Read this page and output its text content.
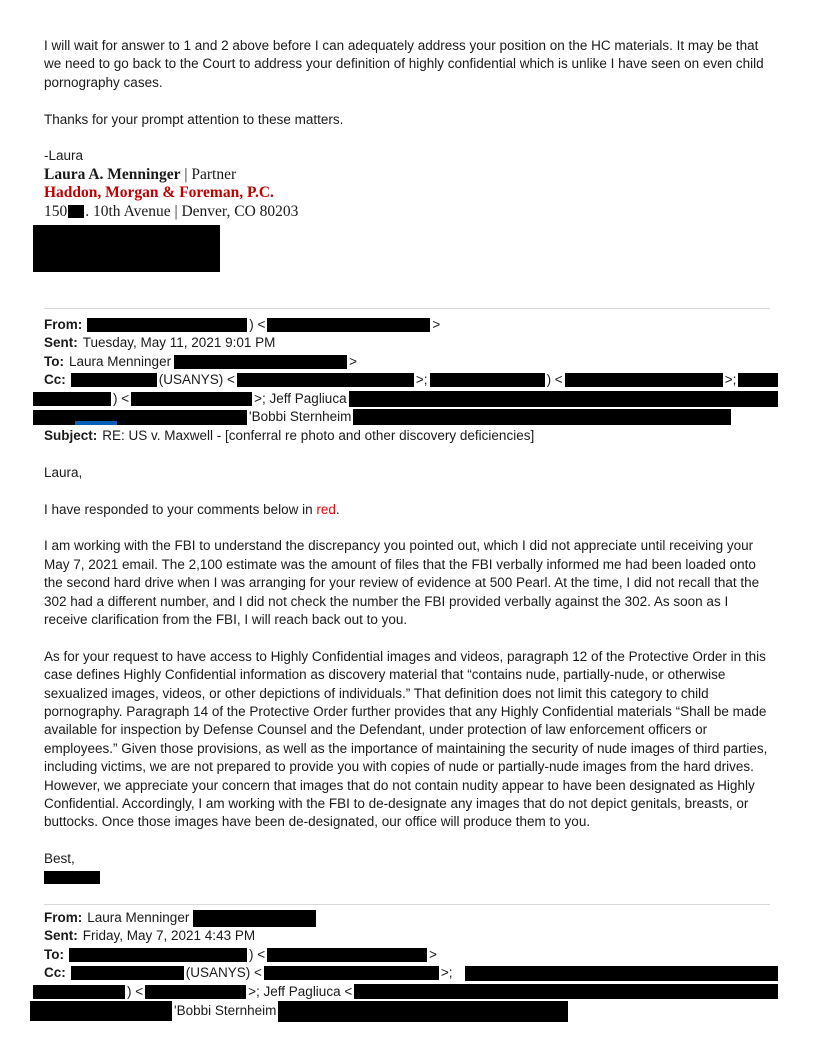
I will wait for answer to 1 and 2 above before I can adequately address your position on the HC materials. It may be that we need to go back to the Court to address your definition of highly confidential which is unlike I have seen on even child pornography cases.

Thanks for your prompt attention to these matters.

-Laura
Laura A. Menninger | Partner
Haddon, Morgan & Foreman, P.C.
150 . 10th Avenue | Denver, CO 80203
From:	) <	>
Sent: Tuesday, May 11, 2021 9:01 PM
To: Laura Menninger	>
Cc:	(USANYS) <	>;	) <	>;
) <	>; Jeff Pagliuca
'Bobbi Sternheim
Subject: RE: US v. Maxwell - [conferral re photo and other discovery deficiencies]

Laura,

I have responded to your comments below in red.

I am working with the FBI to understand the discrepancy you pointed out, which I did not appreciate until receiving your May 7, 2021 email. The 2,100 estimate was the amount of files that the FBI verbally informed me had been loaded onto the second hard drive when I was arranging for your review of evidence at 500 Pearl. At the time, I did not recall that the 302 had a different number, and I did not check the number the FBI provided verbally against the 302. As soon as I receive clarification from the FBI, I will reach back out to you.

As for your request to have access to Highly Confidential images and videos, paragraph 12 of the Protective Order in this case defines Highly Confidential information as discovery material that “contains nude, partially-nude, or otherwise sexualized images, videos, or other depictions of individuals.” That definition does not limit this category to child pornography. Paragraph 14 of the Protective Order further provides that any Highly Confidential materials “Shall be made available for inspection by Defense Counsel and the Defendant, under protection of law enforcement officers or employees.” Given those provisions, as well as the importance of maintaining the security of nude images of third parties, including victims, we are not prepared to provide you with copies of nude or partially-nude images from the hard drives. However, we appreciate your concern that images that do not contain nudity appear to have been designated as Highly Confidential. Accordingly, I am working with the FBI to de-designate any images that do not depict genitals, breasts, or buttocks. Once those images have been de-designated, our office will produce them to you.

Best,
From: Laura Menninger
Sent: Friday, May 7, 2021 4:43 PM
To:	) <	>
Cc:	(USANYS) <	>;
) <	>; Jeff Pagliuca <
'Bobbi Sternheim
